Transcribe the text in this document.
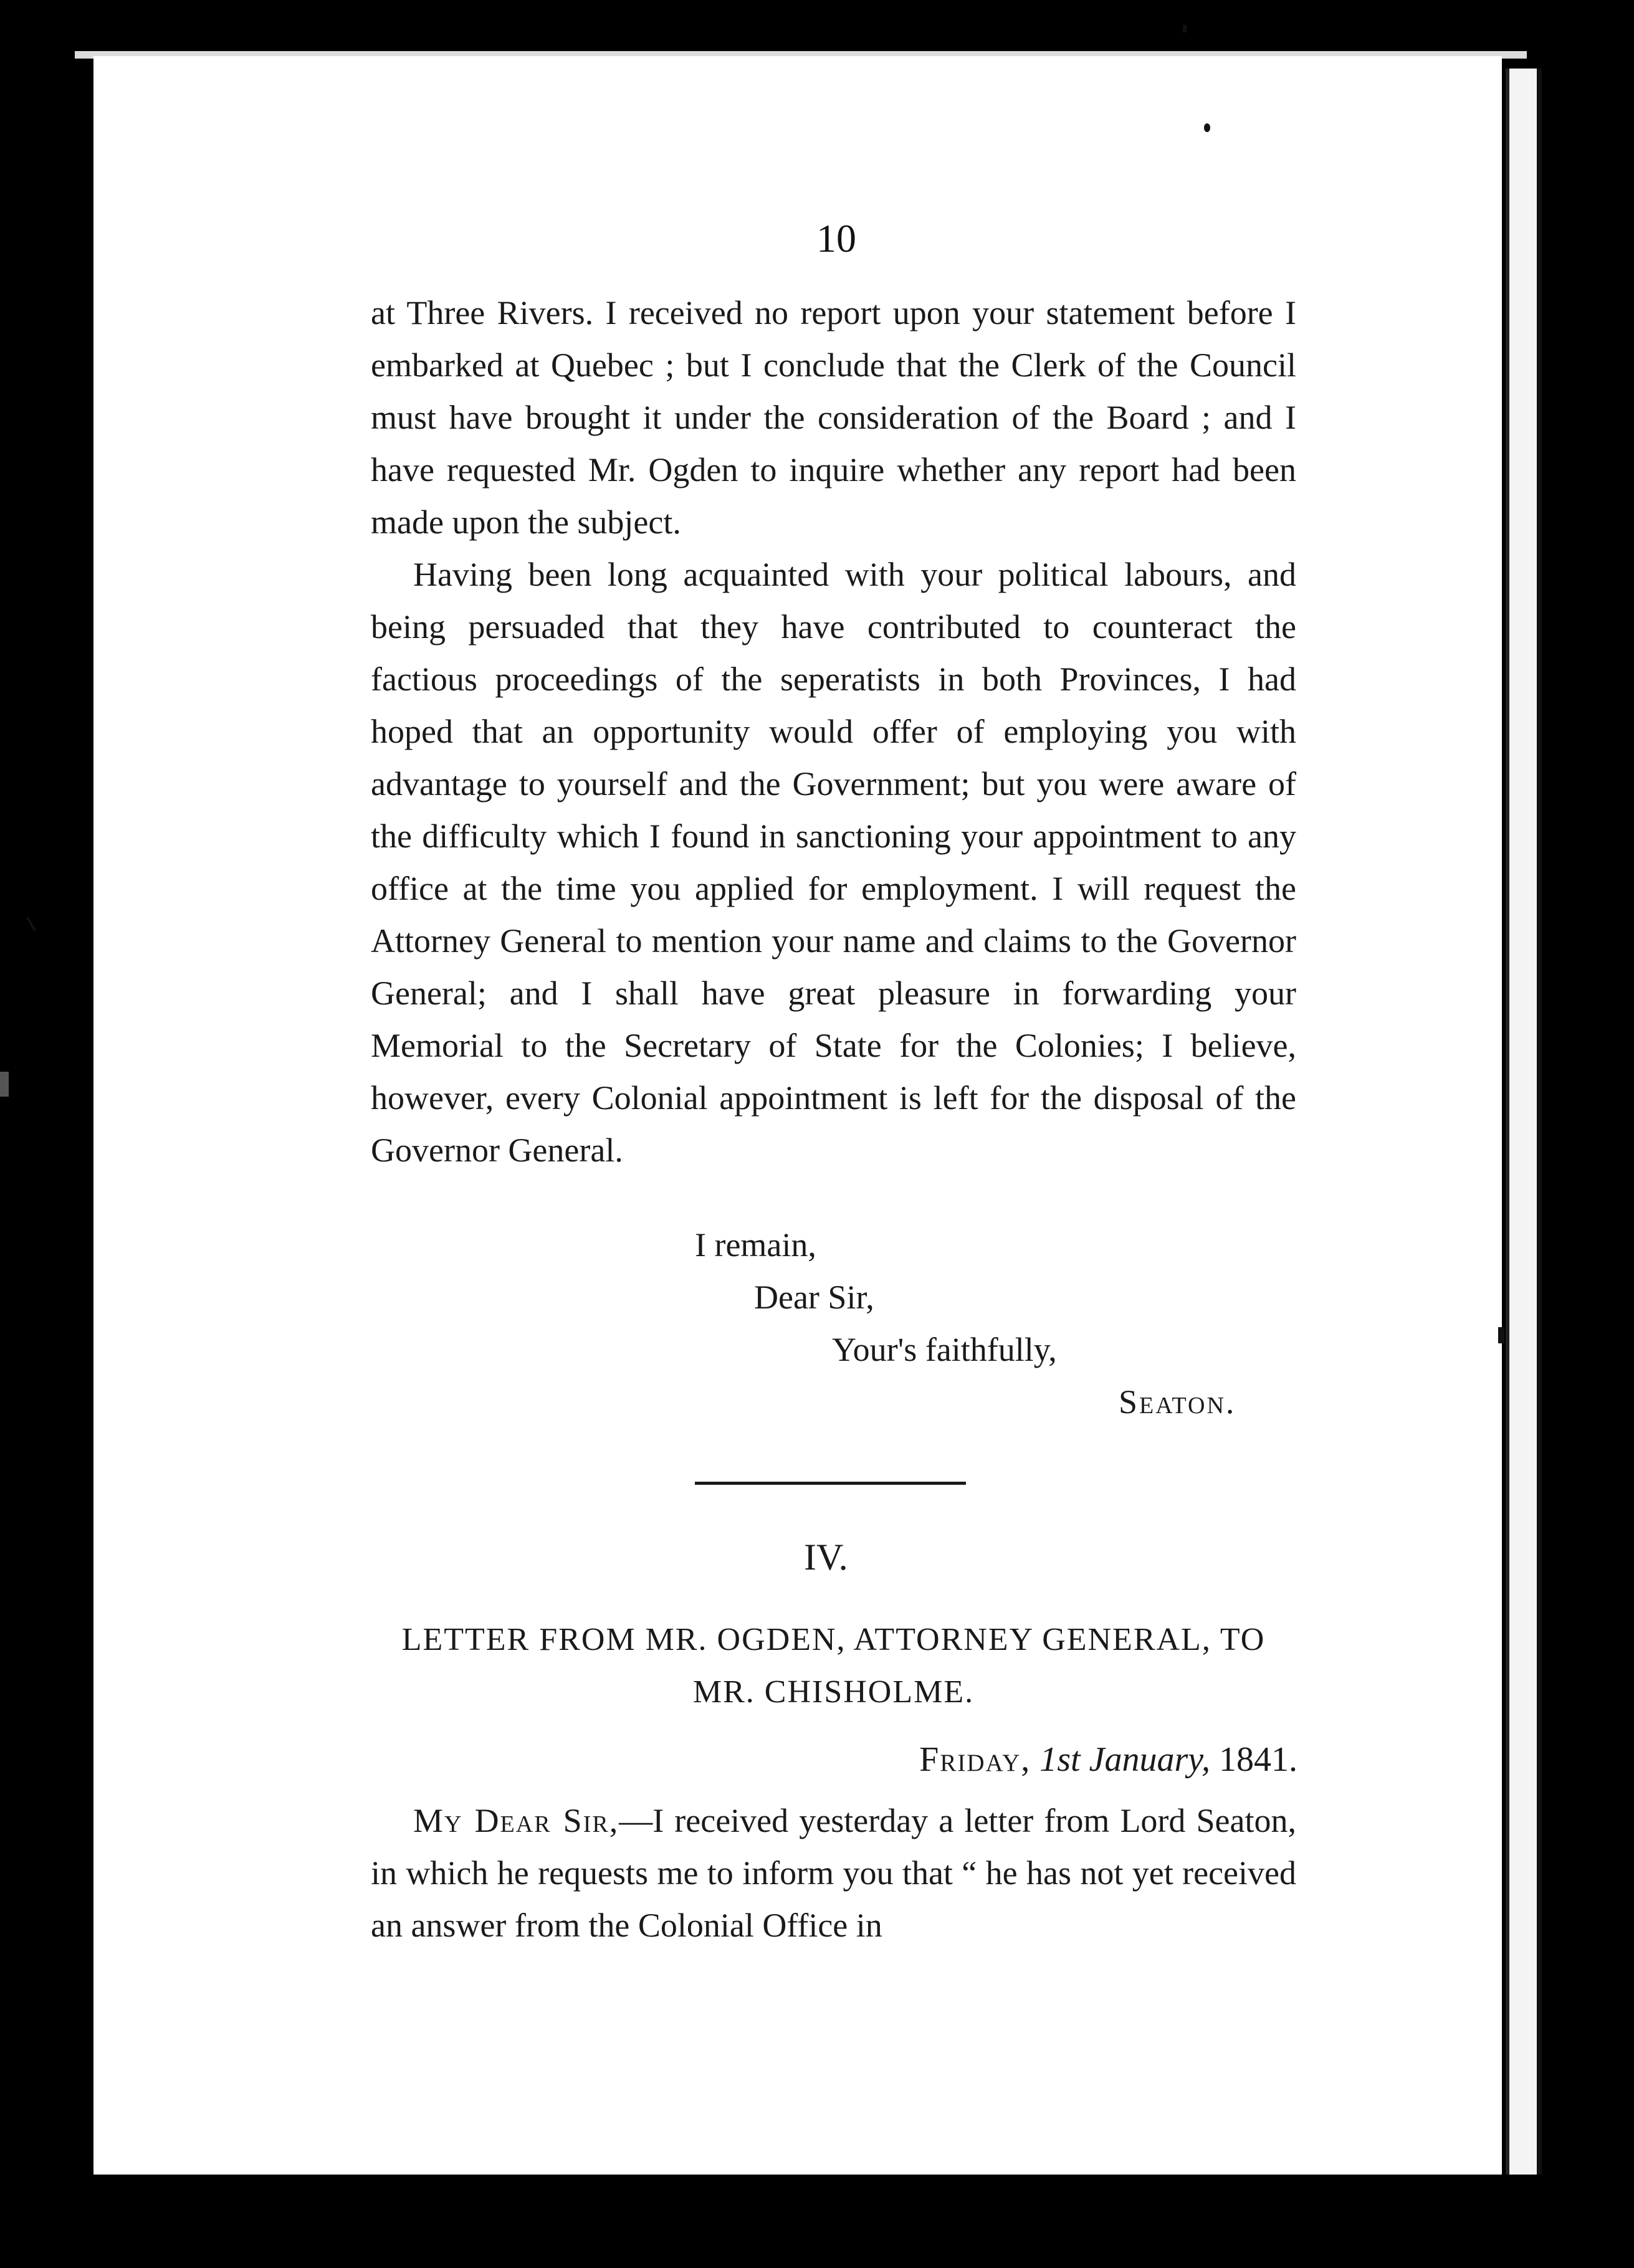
10

at Three Rivers. I received no report upon your statement before I embarked at Quebec ; but I conclude that the Clerk of the Council must have brought it under the consideration of the Board ; and I have requested Mr. Ogden to inquire whether any report had been made upon the subject.

Having been long acquainted with your political labours, and being persuaded that they have contributed to counteract the factious proceedings of the seperatists in both Provinces, I had hoped that an opportunity would offer of employing you with advantage to yourself and the Government; but you were aware of the difficulty which I found in sanctioning your appointment to any office at the time you applied for employment. I will request the Attorney General to mention your name and claims to the Governor General; and I shall have great pleasure in forwarding your Memorial to the Secretary of State for the Colonies; I believe, however, every Colonial appointment is left for the disposal of the Governor General.

I remain,
Dear Sir,
Your's faithfully,
Seaton.
IV.
LETTER FROM MR. OGDEN, ATTORNEY GENERAL, TO
MR. CHISHOLME.
Friday, 1st January, 1841.

My Dear Sir,—I received yesterday a letter from Lord Seaton, in which he requests me to inform you that “ he has not yet received an answer from the Colonial Office in
